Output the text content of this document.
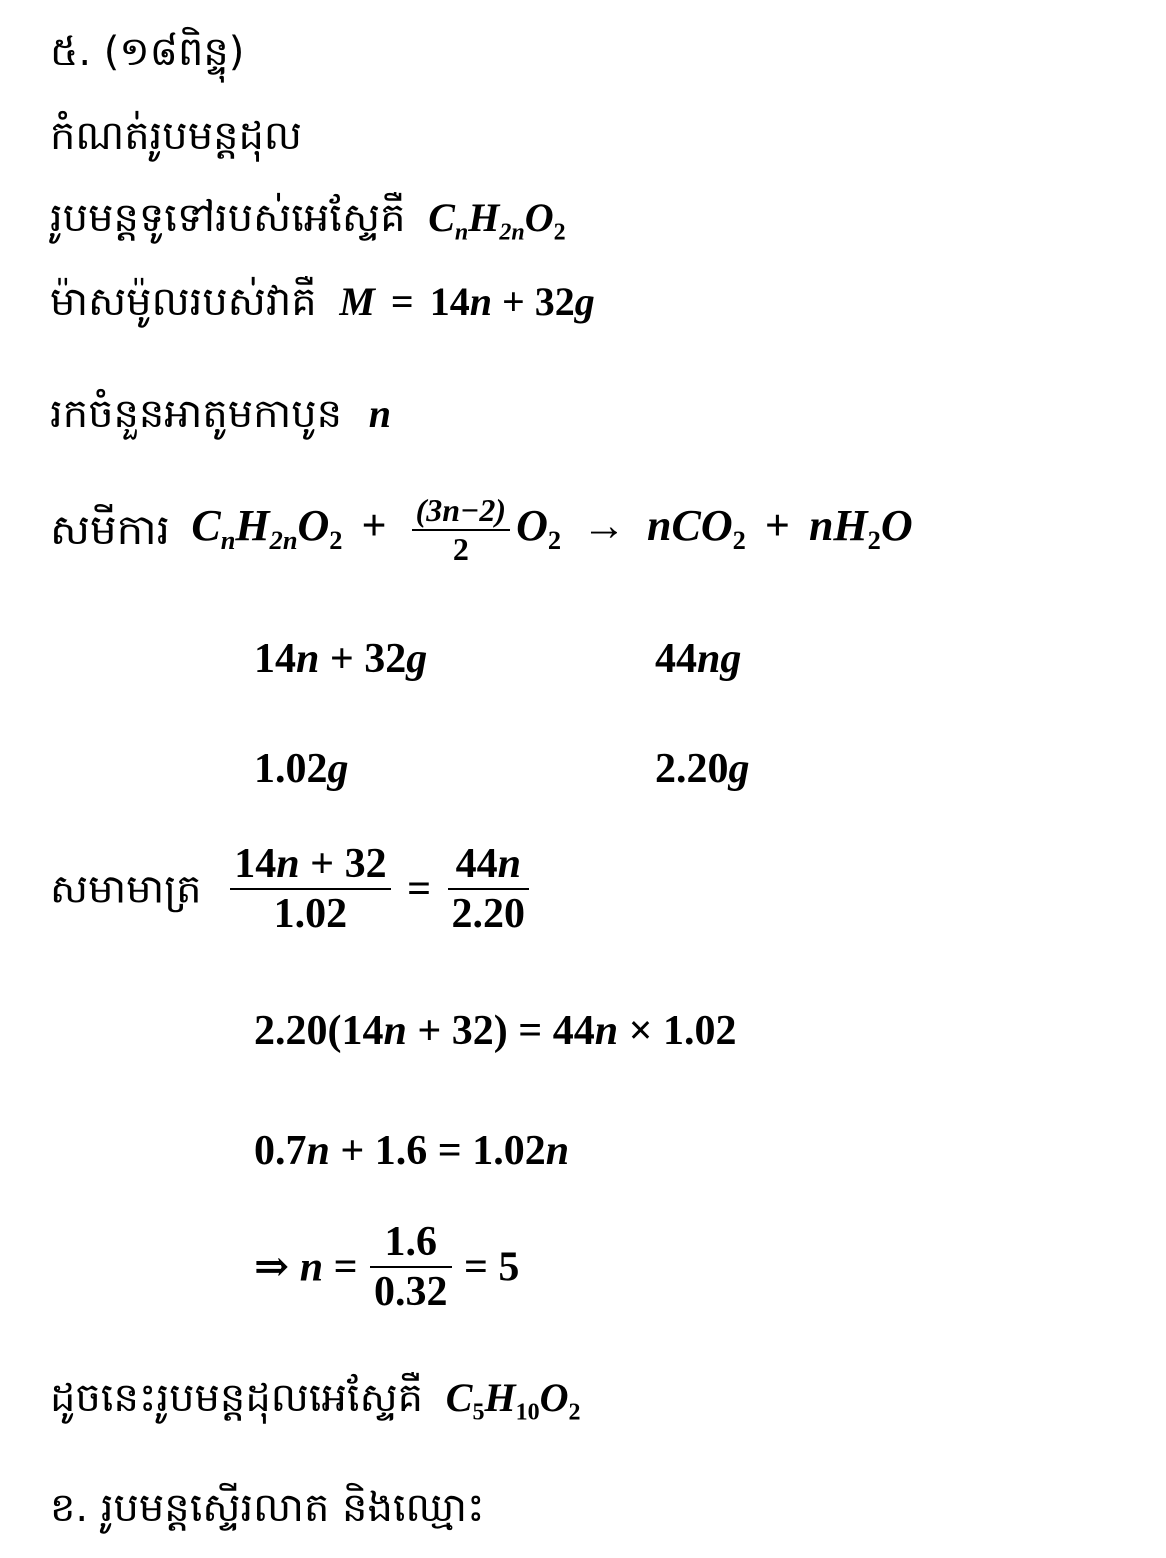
៥. (១៨ពិន្ទុ)
កំណត់រូបមន្តដុល
រូបមន្តទូទៅរបស់អេស្ទែគឺ $C_nH_{2n}O_2$
ម៉ាសម៉ូលរបស់វាគឺ M = 14n + 32g
រកចំនួនអាតូមកាបូន n
សមីការ $C_nH_{2n}O_2 + \frac{(3n-2)}{2} O_2 \to nCO_2 + nH_2O$
14n + 32g	44ng
1.02g	2.20g
សមាមាត្រ $\frac{14n + 32}{1.02} = \frac{44n}{2.20}$
2.20(14n + 32) = 44n × 1.02
0.7n + 1.6 = 1.02n
⇒ $n = \frac{1.6}{0.32} = 5$
ដូចនេះរូបមន្តដុលអេស្ទែគឺ $C_5H_{10}O_2$
ខ. រូបមន្តស្ទើរលាត និងឈ្មោះ
